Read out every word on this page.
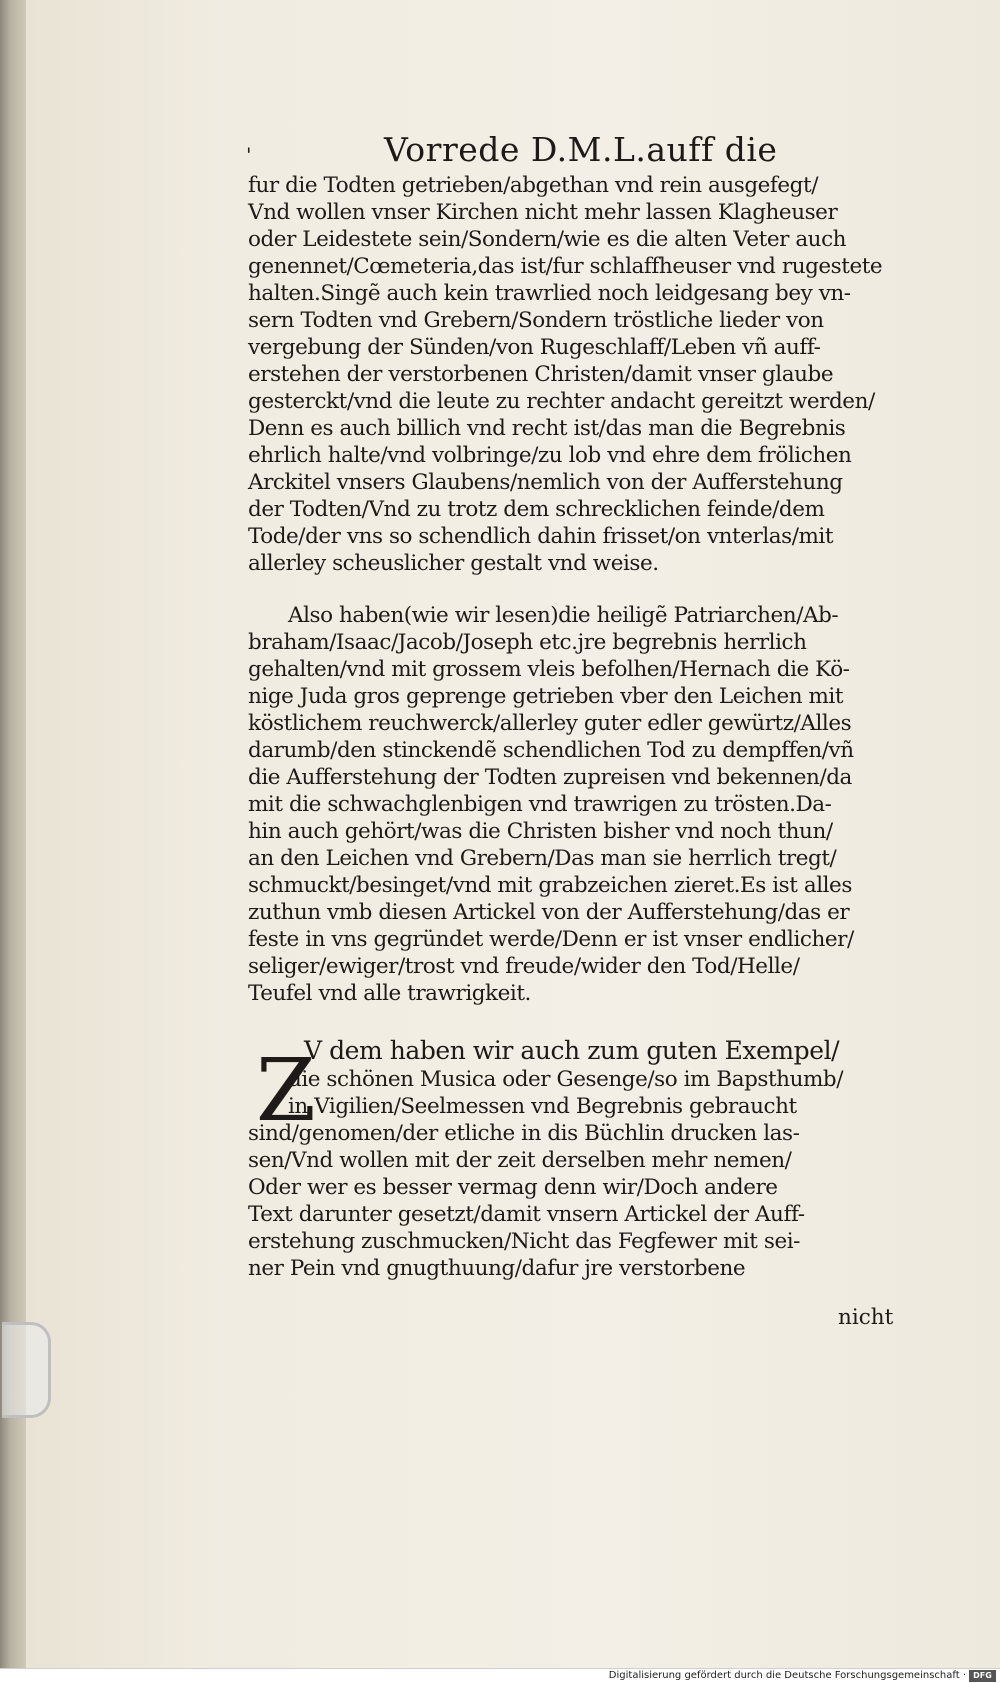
'	Vorrede D.M.L.auff die
fur die Todten getrieben/abgethan vnd rein ausgefegt/
Vnd wollen vnser Kirchen nicht mehr lassen Klagheuser
oder Leidestete sein/Sondern/wie es die alten Veter auch
genennet/Cœmeteria,das ist/fur schlaffheuser vnd rugestete
halten.Singẽ auch kein trawrlied noch leidgesang bey vn-
sern Todten vnd Grebern/Sondern tröstliche lieder von
vergebung der Sünden/von Rugeschlaff/Leben vñ auff-
erstehen der verstorbenen Christen/damit vnser glaube
gesterckt/vnd die leute zu rechter andacht gereitzt werden/
Denn es auch billich vnd recht ist/das man die Begrebnis
ehrlich halte/vnd volbringe/zu lob vnd ehre dem frölichen
Arckitel vnsers Glaubens/nemlich von der Aufferstehung
der Todten/Vnd zu trotz dem schrecklichen feinde/dem
Tode/der vns so schendlich dahin frisset/on vnterlas/mit
allerley scheuslicher gestalt vnd weise.
Also haben(wie wir lesen)die heiligẽ Patriarchen/Ab-
braham/Isaac/Jacob/Joseph etc.jre begrebnis herrlich
gehalten/vnd mit grossem vleis befolhen/Hernach die Kö-
nige Juda gros geprenge getrieben vber den Leichen mit
köstlichem reuchwerck/allerley guter edler gewürtz/Alles
darumb/den stinckendẽ schendlichen Tod zu dempffen/vñ
die Aufferstehung der Todten zupreisen vnd bekennen/da
mit die schwachglenbigen vnd trawrigen zu trösten.Da-
hin auch gehört/was die Christen bisher vnd noch thun/
an den Leichen vnd Grebern/Das man sie herrlich tregt/
schmuckt/besinget/vnd mit grabzeichen zieret.Es ist alles
zuthun vmb diesen Artickel von der Aufferstehung/das er
feste in vns gegründet werde/Denn er ist vnser endlicher/
seliger/ewiger/trost vnd freude/wider den Tod/Helle/
Teufel vnd alle trawrigkeit.
V dem haben wir auch zum guten Exempel/
die schönen Musica oder Gesenge/so im Bapsthumb/
in Vigilien/Seelmessen vnd Begrebnis gebraucht
sind/genomen/der etliche in dis Büchlin drucken las-
sen/Vnd wollen mit der zeit derselben mehr nemen/
Oder wer es besser vermag denn wir/Doch andere
Text darunter gesetzt/damit vnsern Artickel der Auff-
erstehung zuschmucken/Nicht das Fegfewer mit sei-
ner Pein vnd gnugthuung/dafur jre verstorbene
Z
nicht
Digitalisierung gefördert durch die Deutsche Forschungsgemeinschaft · DFG
